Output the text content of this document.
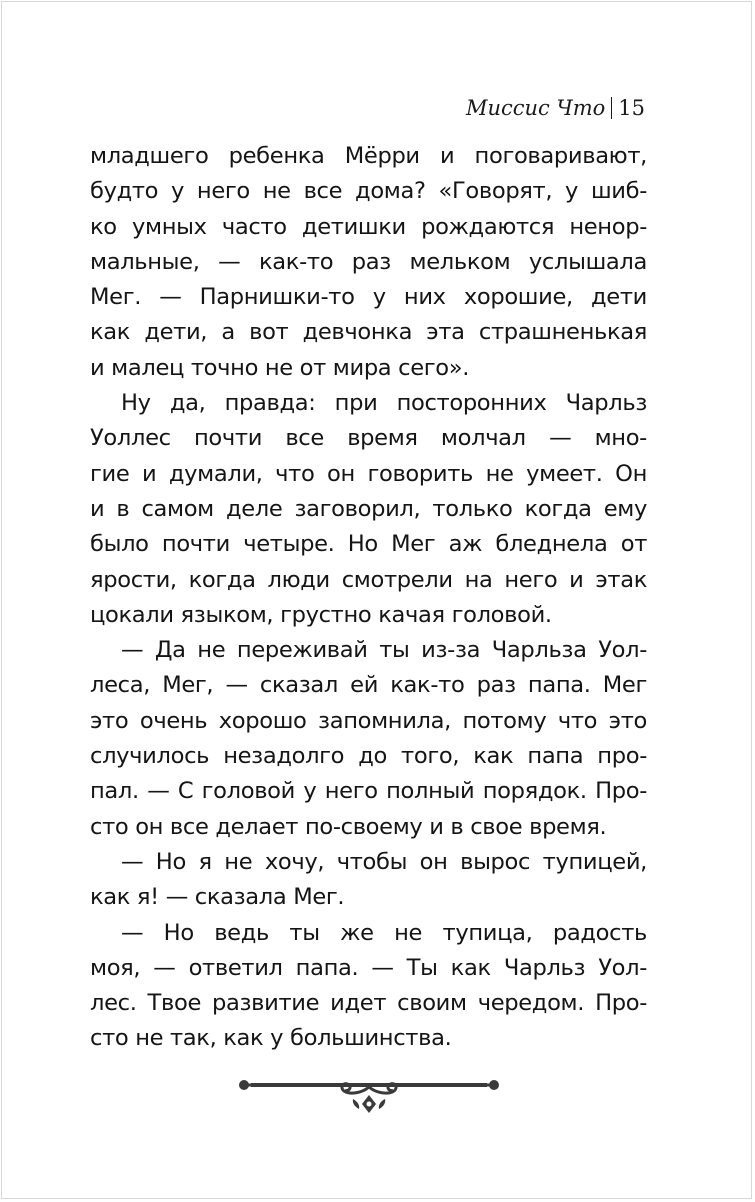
Миссис Что 15
младшего ребенка Мёрри и поговаривают,
будто у него не все дома? «Говорят, у шиб-
ко умных часто детишки рождаются ненор-
мальные, — как-то раз мельком услышала
Мег. — Парнишки-то у них хорошие, дети
как дети, а вот девчонка эта страшненькая
и малец точно не от мира сего».
Ну да, правда: при посторонних Чарльз
Уоллес почти все время молчал — мно-
гие и думали, что он говорить не умеет. Он
и в самом деле заговорил, только когда ему
было почти четыре. Но Мег аж бледнела от
ярости, когда люди смотрели на него и этак
цокали языком, грустно качая головой.
— Да не переживай ты из-за Чарльза Уол-
леса, Мег, — сказал ей как-то раз папа. Мег
это очень хорошо запомнила, потому что это
случилось незадолго до того, как папа про-
пал. — С головой у него полный порядок. Про-
сто он все делает по-своему и в свое время.
— Но я не хочу, чтобы он вырос тупицей,
как я! — сказала Мег.
— Но ведь ты же не тупица, радость
моя, — ответил папа. — Ты как Чарльз Уол-
лес. Твое развитие идет своим чередом. Про-
сто не так, как у большинства.
